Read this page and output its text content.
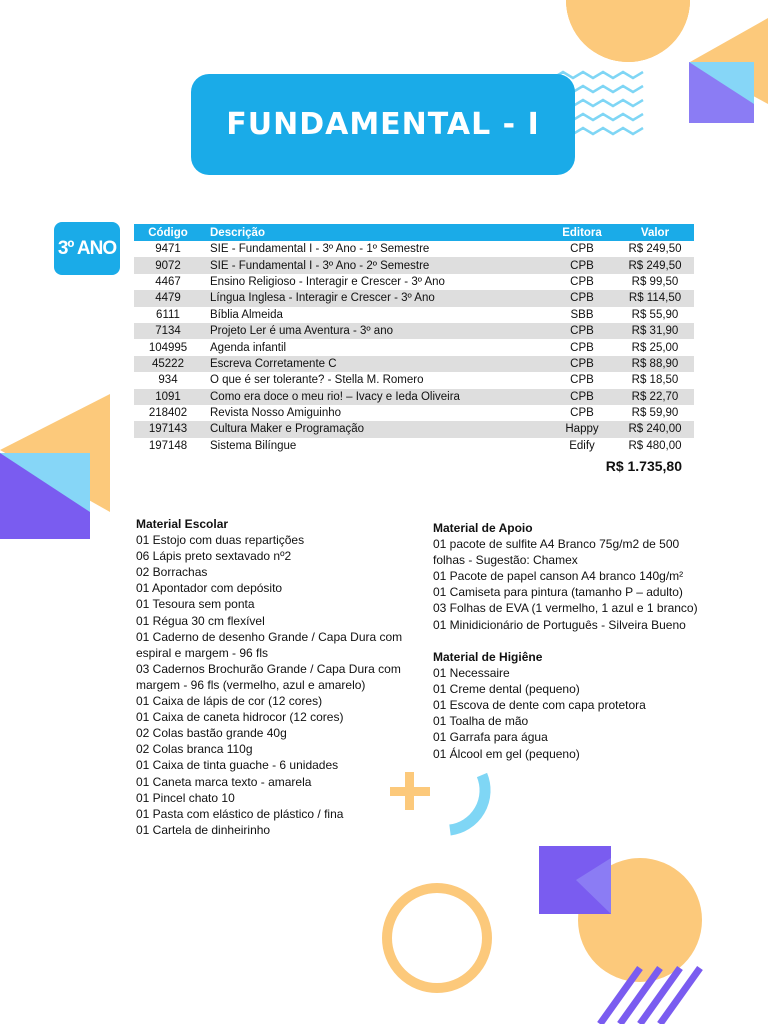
FUNDAMENTAL - I
3º ANO
Código	Descrição	Editora	Valor
9471	SIE - Fundamental I - 3º Ano - 1º Semestre	CPB	R$ 249,50
9072	SIE - Fundamental I - 3º Ano - 2º Semestre	CPB	R$ 249,50
4467	Ensino Religioso - Interagir e Crescer - 3º Ano	CPB	R$ 99,50
4479	Língua Inglesa - Interagir e Crescer - 3º Ano	CPB	R$ 114,50
6111	Bíblia Almeida	SBB	R$ 55,90
7134	Projeto Ler é uma Aventura - 3º ano	CPB	R$ 31,90
104995	Agenda infantil	CPB	R$ 25,00
45222	Escreva Corretamente C	CPB	R$ 88,90
934	O que é ser tolerante? - Stella M. Romero	CPB	R$ 18,50
1091	Como era doce o meu rio! – Ivacy e Ieda Oliveira	CPB	R$ 22,70
218402	Revista Nosso Amiguinho	CPB	R$ 59,90
197143	Cultura Maker e Programação	Happy	R$ 240,00
197148	Sistema Bilíngue	Edify	R$ 480,00
R$ 1.735,80
Material Escolar
01 Estojo com duas repartições
06 Lápis preto sextavado nº2
02 Borrachas
01 Apontador com depósito
01 Tesoura sem ponta
01 Régua 30 cm flexível
01 Caderno de desenho Grande / Capa Dura com
espiral e margem - 96 fls
03 Cadernos Brochurão Grande / Capa Dura com
margem - 96 fls (vermelho, azul e amarelo)
01 Caixa de lápis de cor (12 cores)
01 Caixa de caneta hidrocor (12 cores)
02 Colas bastão grande 40g
02 Colas branca 110g
01 Caixa de tinta guache - 6 unidades
01 Caneta marca texto - amarela
01 Pincel chato 10
01 Pasta com elástico de plástico / fina
01 Cartela de dinheirinho
Material de Apoio
01 pacote de sulfite A4 Branco 75g/m2 de 500
folhas - Sugestão: Chamex
01 Pacote de papel canson A4 branco 140g/m²
01 Camiseta para pintura (tamanho P – adulto)
03 Folhas de EVA (1 vermelho, 1 azul e 1 branco)
01 Minidicionário de Português - Silveira Bueno
Material de Higiêne
01 Necessaire
01 Creme dental (pequeno)
01 Escova de dente com capa protetora
01 Toalha de mão
01 Garrafa para água
01 Álcool em gel (pequeno)
